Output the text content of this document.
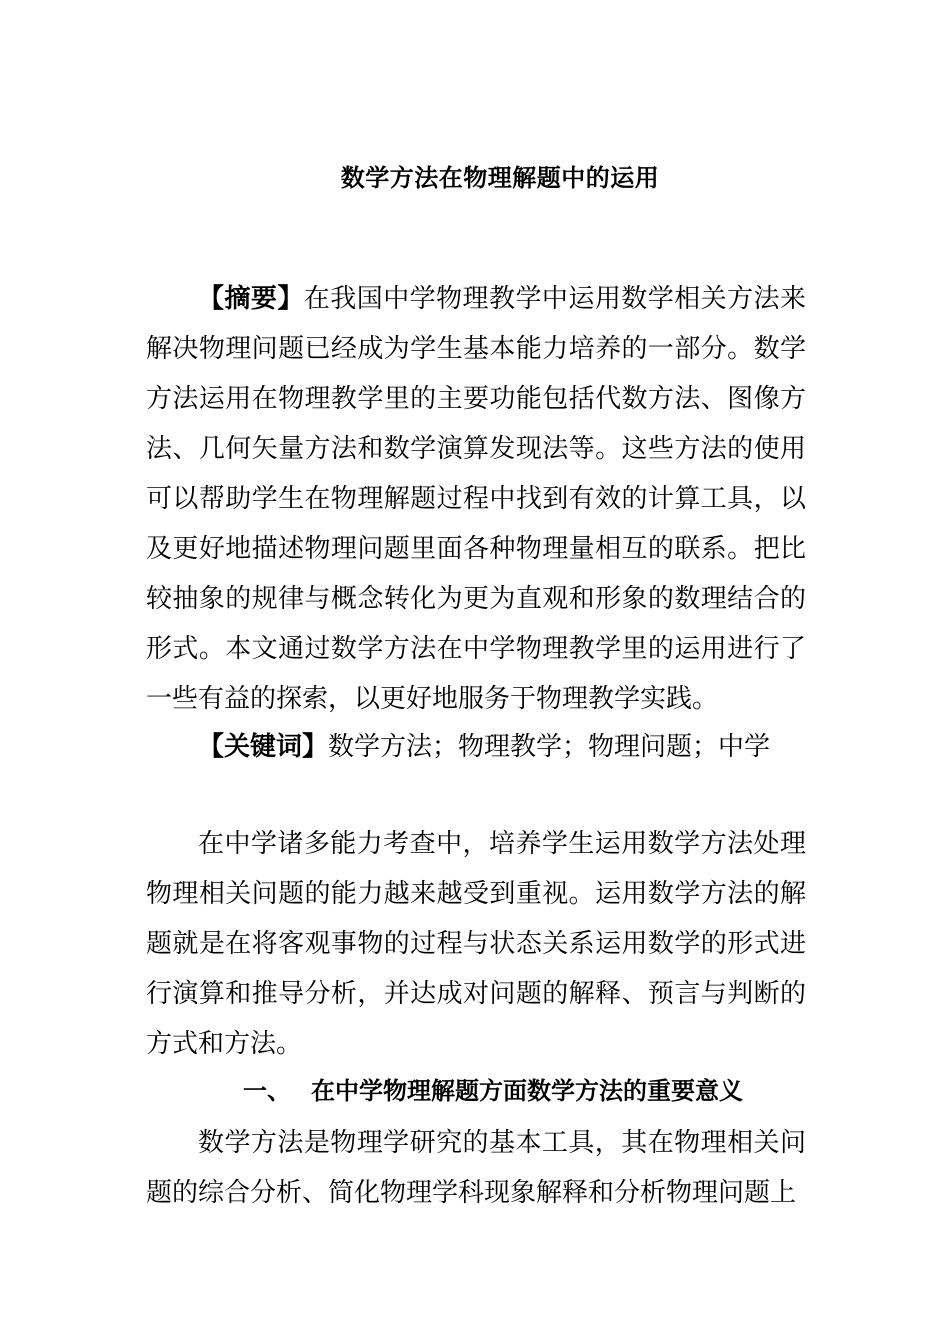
数学方法在物理解题中的运用

【摘要】在我国中学物理教学中运用数学相关方法来解决物理问题已经成为学生基本能力培养的一部分。数学方法运用在物理教学里的主要功能包括代数方法、图像方法、几何矢量方法和数学演算发现法等。这些方法的使用可以帮助学生在物理解题过程中找到有效的计算工具，以及更好地描述物理问题里面各种物理量相互的联系。把比较抽象的规律与概念转化为更为直观和形象的数理结合的形式。本文通过数学方法在中学物理教学里的运用进行了一些有益的探索，以更好地服务于物理教学实践。

【关键词】数学方法；物理教学；物理问题；中学

在中学诸多能力考查中，培养学生运用数学方法处理物理相关问题的能力越来越受到重视。运用数学方法的解题就是在将客观事物的过程与状态关系运用数学的形式进行演算和推导分析，并达成对问题的解释、预言与判断的方式和方法。

一、 在中学物理解题方面数学方法的重要意义

数学方法是物理学研究的基本工具，其在物理相关问题的综合分析、简化物理学科现象解释和分析物理问题上
